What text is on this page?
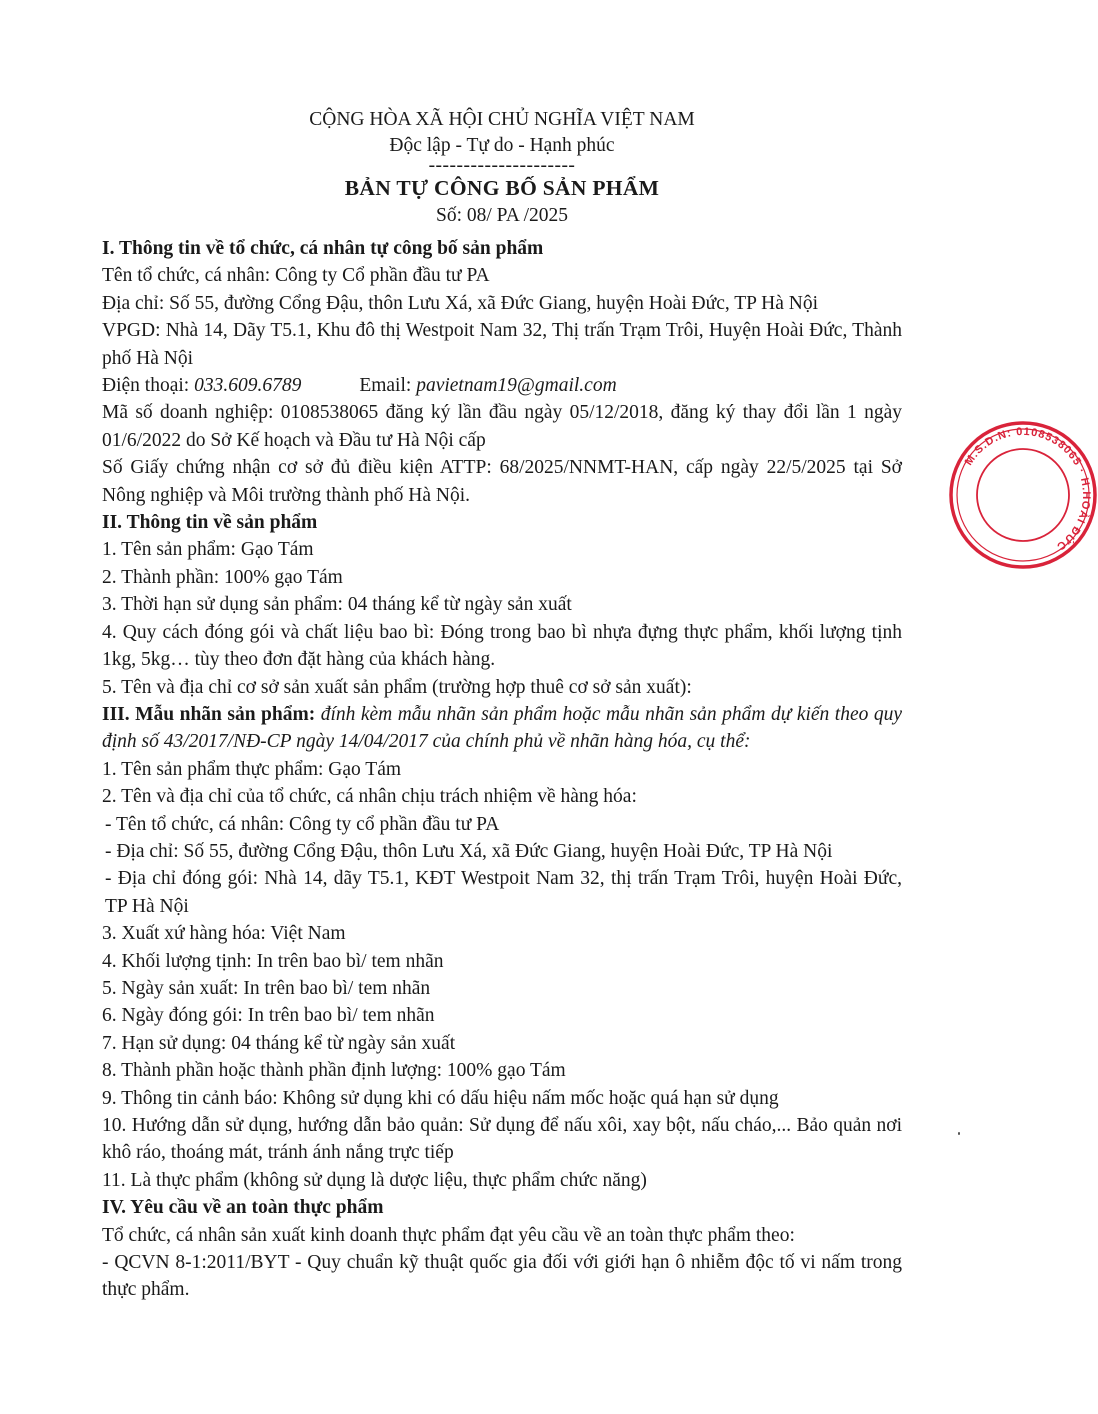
M.S.D.N: 0108538065 · H.HOÀI ĐỨC
CỘNG HÒA XÃ HỘI CHỦ NGHĨA VIỆT NAM
Độc lập - Tự do - Hạnh phúc
---------------------
BẢN TỰ CÔNG BỐ SẢN PHẨM
Số: 08/ PA /2025
I. Thông tin về tổ chức, cá nhân tự công bố sản phẩm
Tên tổ chức, cá nhân: Công ty Cổ phần đầu tư PA
Địa chỉ: Số 55, đường Cổng Đậu, thôn Lưu Xá, xã Đức Giang, huyện Hoài Đức, TP Hà Nội
VPGD: Nhà 14, Dãy T5.1, Khu đô thị Westpoit Nam 32, Thị trấn Trạm Trôi, Huyện Hoài Đức, Thành phố Hà Nội
Điện thoại: 033.609.6789	Email: pavietnam19@gmail.com
Mã số doanh nghiệp: 0108538065 đăng ký lần đầu ngày 05/12/2018, đăng ký thay đổi lần 1 ngày 01/6/2022 do Sở Kế hoạch và Đầu tư Hà Nội cấp
Số Giấy chứng nhận cơ sở đủ điều kiện ATTP: 68/2025/NNMT-HAN, cấp ngày 22/5/2025 tại Sở Nông nghiệp và Môi trường thành phố Hà Nội.
II. Thông tin về sản phẩm
1. Tên sản phẩm: Gạo Tám
2. Thành phần: 100% gạo Tám
3. Thời hạn sử dụng sản phẩm: 04 tháng kể từ ngày sản xuất
4. Quy cách đóng gói và chất liệu bao bì: Đóng trong bao bì nhựa đựng thực phẩm, khối lượng tịnh 1kg, 5kg… tùy theo đơn đặt hàng của khách hàng.
5. Tên và địa chỉ cơ sở sản xuất sản phẩm (trường hợp thuê cơ sở sản xuất):
III. Mẫu nhãn sản phẩm: đính kèm mẫu nhãn sản phẩm hoặc mẫu nhãn sản phẩm dự kiến theo quy định số 43/2017/NĐ-CP ngày 14/04/2017 của chính phủ về nhãn hàng hóa, cụ thể:
1. Tên sản phẩm thực phẩm: Gạo Tám
2. Tên và địa chỉ của tổ chức, cá nhân chịu trách nhiệm về hàng hóa:
- Tên tổ chức, cá nhân: Công ty cổ phần đầu tư PA
- Địa chỉ: Số 55, đường Cổng Đậu, thôn Lưu Xá, xã Đức Giang, huyện Hoài Đức, TP Hà Nội
- Địa chỉ đóng gói: Nhà 14, dãy T5.1, KĐT Westpoit Nam 32, thị trấn Trạm Trôi, huyện Hoài Đức, TP Hà Nội
3. Xuất xứ hàng hóa: Việt Nam
4. Khối lượng tịnh: In trên bao bì/ tem nhãn
5. Ngày sản xuất: In trên bao bì/ tem nhãn
6. Ngày đóng gói: In trên bao bì/ tem nhãn
7. Hạn sử dụng: 04 tháng kể từ ngày sản xuất
8. Thành phần hoặc thành phần định lượng: 100% gạo Tám
9. Thông tin cảnh báo: Không sử dụng khi có dấu hiệu nấm mốc hoặc quá hạn sử dụng
10. Hướng dẫn sử dụng, hướng dẫn bảo quản: Sử dụng để nấu xôi, xay bột, nấu cháo,... Bảo quản nơi khô ráo, thoáng mát, tránh ánh nắng trực tiếp
11. Là thực phẩm (không sử dụng là dược liệu, thực phẩm chức năng)
IV. Yêu cầu về an toàn thực phẩm
Tổ chức, cá nhân sản xuất kinh doanh thực phẩm đạt yêu cầu về an toàn thực phẩm theo:
- QCVN 8-1:2011/BYT - Quy chuẩn kỹ thuật quốc gia đối với giới hạn ô nhiễm độc tố vi nấm trong thực phẩm.
